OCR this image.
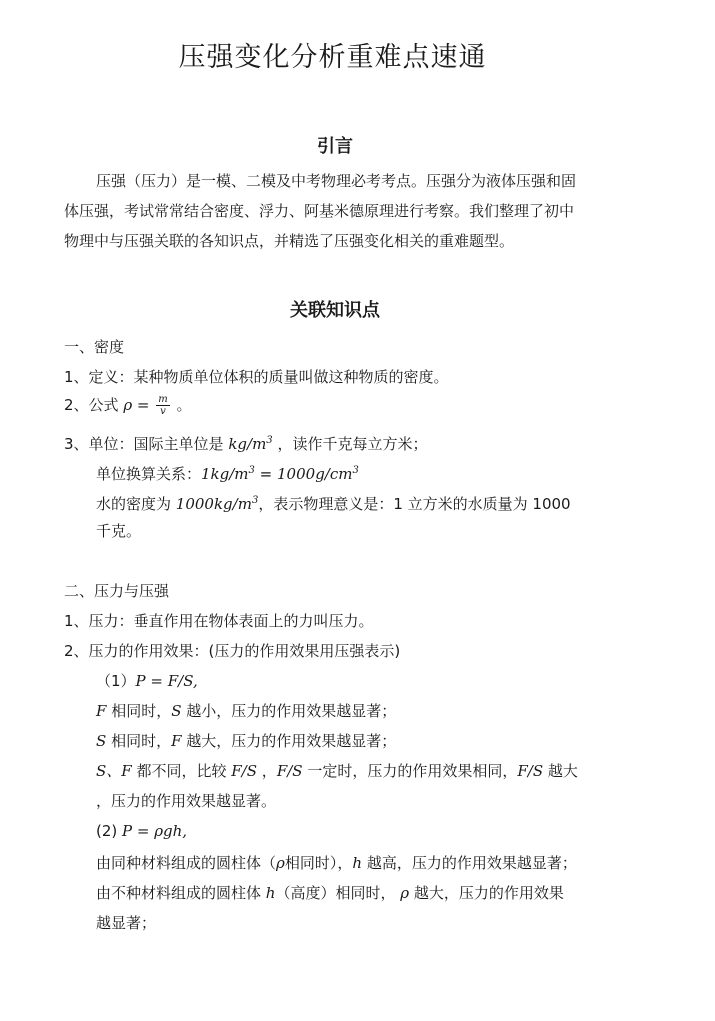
压强变化分析重难点速通
引言
压强（压力）是一模、二模及中考物理必考考点。压强分为液体压强和固
体压强，考试常常结合密度、浮力、阿基米德原理进行考察。我们整理了初中
物理中与压强关联的各知识点，并精选了压强变化相关的重难题型。
关联知识点
一、密度
1、定义：某种物质单位体积的质量叫做这种物质的密度。
2、公式 $\rho = \frac{m}{v}$ 。
3、单位：国际主单位是 $kg/m^3$ ，读作千克每立方米；
单位换算关系：$1kg/m^3 = 1000g/cm^3$
水的密度为 $1000kg/m^3$，表示物理意义是：1 立方米的水质量为 1000
千克。
二、压力与压强
1、压力：垂直作用在物体表面上的力叫压力。
2、压力的作用效果：(压力的作用效果用压强表示)
（1）P = F/S,
F 相同时，S 越小，压力的作用效果越显著；
S 相同时，F 越大，压力的作用效果越显著；
S、F 都不同，比较 F/S ，F/S 一定时，压力的作用效果相同，F/S 越大
，压力的作用效果越显著。
(2) P = ρgh,
由同种材料组成的圆柱体（ρ相同时），h 越高，压力的作用效果越显著；
由不种材料组成的圆柱体 h（高度）相同时， ρ 越大，压力的作用效果
越显著；
